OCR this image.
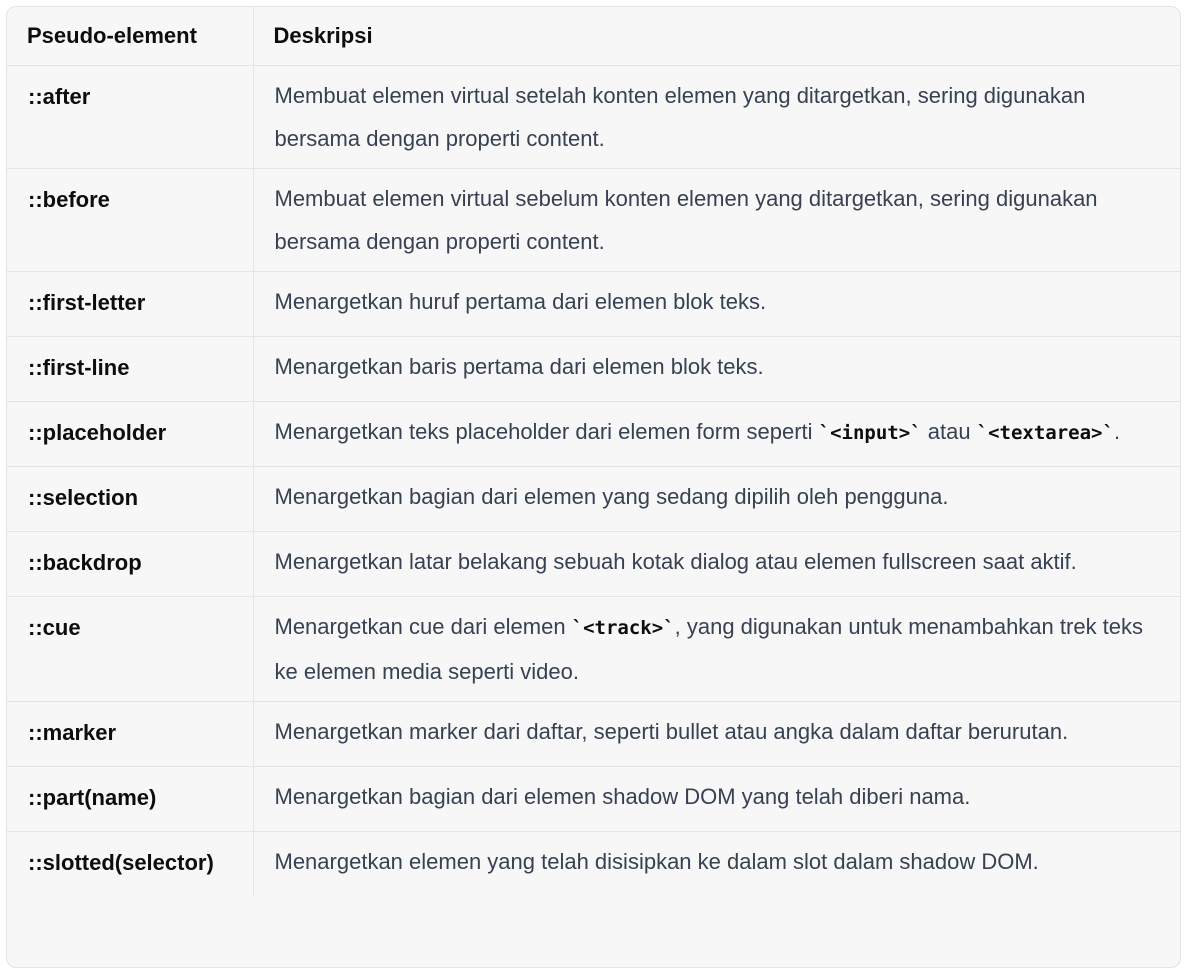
Pseudo-element	Deskripsi
::after	Membuat elemen virtual setelah konten elemen yang ditargetkan, sering digunakan bersama dengan properti content.
::before	Membuat elemen virtual sebelum konten elemen yang ditargetkan, sering digunakan bersama dengan properti content.
::first-letter	Menargetkan huruf pertama dari elemen blok teks.
::first-line	Menargetkan baris pertama dari elemen blok teks.
::placeholder	Menargetkan teks placeholder dari elemen form seperti `<input>` atau `<textarea>`.
::selection	Menargetkan bagian dari elemen yang sedang dipilih oleh pengguna.
::backdrop	Menargetkan latar belakang sebuah kotak dialog atau elemen fullscreen saat aktif.
::cue	Menargetkan cue dari elemen `<track>`, yang digunakan untuk menambahkan trek teks ke elemen media seperti video.
::marker	Menargetkan marker dari daftar, seperti bullet atau angka dalam daftar berurutan.
::part(name)	Menargetkan bagian dari elemen shadow DOM yang telah diberi nama.
::slotted(selector)	Menargetkan elemen yang telah disisipkan ke dalam slot dalam shadow DOM.
